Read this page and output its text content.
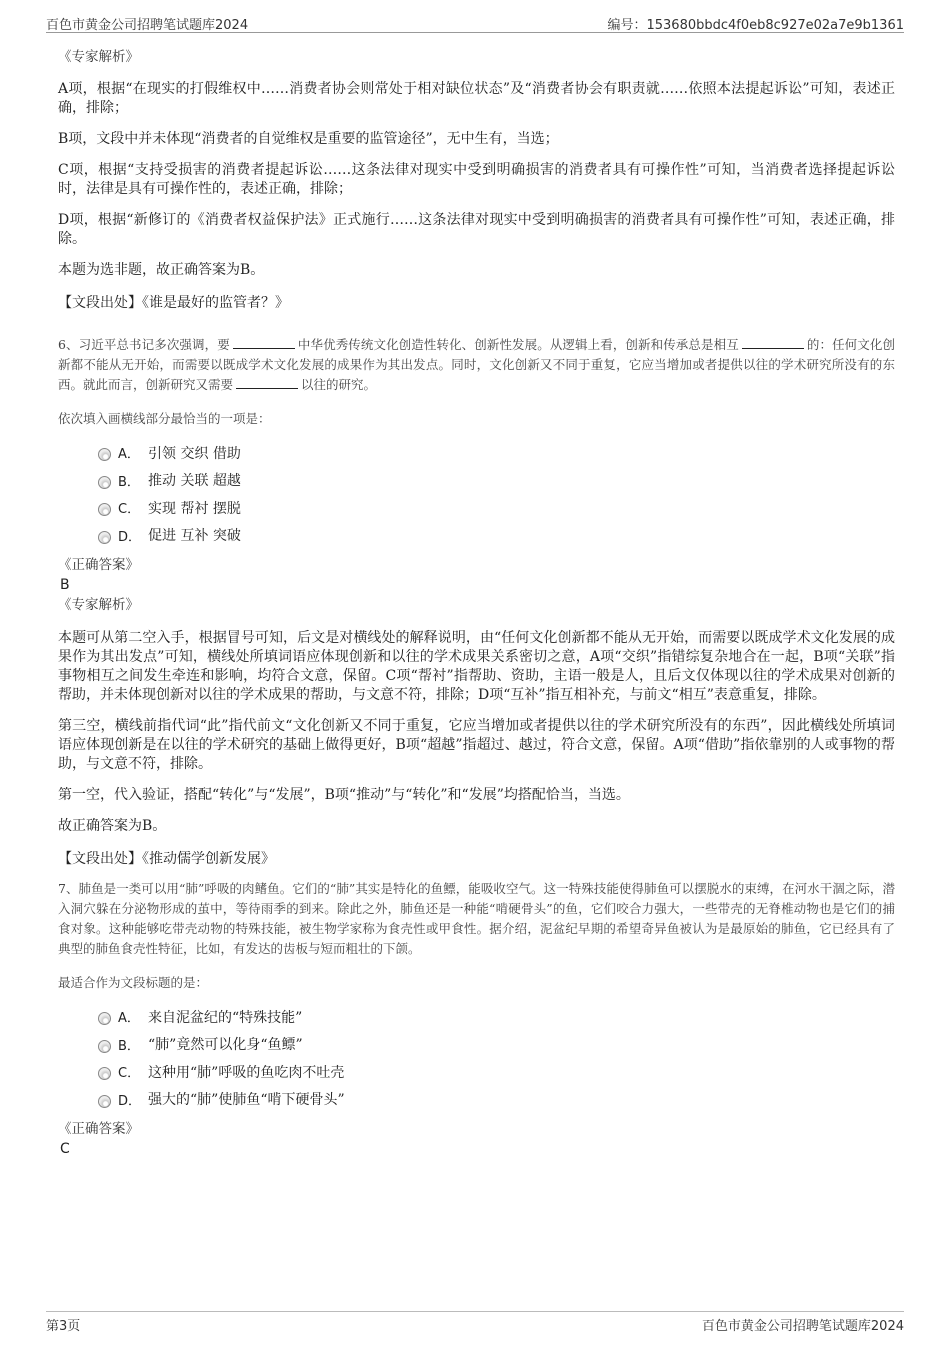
百色市黄金公司招聘笔试题库2024	编号：153680bbdc4f0eb8c927e02a7e9b1361

《专家解析》

A项，根据“在现实的打假维权中……消费者协会则常处于相对缺位状态”及“消费者协会有职责就……依照本法提起诉讼”可知，表述正确，排除；

B项，文段中并未体现“消费者的自觉维权是重要的监管途径”，无中生有，当选；

C项，根据“支持受损害的消费者提起诉讼……这条法律对现实中受到明确损害的消费者具有可操作性”可知，当消费者选择提起诉讼时，法律是具有可操作性的，表述正确，排除；

D项，根据“新修订的《消费者权益保护法》正式施行……这条法律对现实中受到明确损害的消费者具有可操作性”可知，表述正确，排除。

本题为选非题，故正确答案为B。

【文段出处】《谁是最好的监管者？》

6、习近平总书记多次强调，要	中华优秀传统文化创造性转化、创新性发展。从逻辑上看，创新和传承总是相互	的：任何文化创新都不能从无开始，而需要以既成学术文化发展的成果作为其出发点。同时，文化创新又不同于重复，它应当增加或者提供以往的学术研究所没有的东西。就此而言，创新研究又需要	以往的研究。

依次填入画横线部分最恰当的一项是：

A． 引领 交织 借助
B． 推动 关联 超越
C． 实现 帮衬 摆脱
D． 促进 互补 突破

《正确答案》

B

《专家解析》

本题可从第二空入手，根据冒号可知，后文是对横线处的解释说明，由“任何文化创新都不能从无开始，而需要以既成学术文化发展的成果作为其出发点”可知，横线处所填词语应体现创新和以往的学术成果关系密切之意，A项“交织”指错综复杂地合在一起，B项“关联”指事物相互之间发生牵连和影响，均符合文意，保留。C项“帮衬”指帮助、资助，主语一般是人，且后文仅体现以往的学术成果对创新的帮助，并未体现创新对以往的学术成果的帮助，与文意不符，排除；D项“互补”指互相补充，与前文“相互”表意重复，排除。

第三空，横线前指代词“此”指代前文“文化创新又不同于重复，它应当增加或者提供以往的学术研究所没有的东西”，因此横线处所填词语应体现创新是在以往的学术研究的基础上做得更好，B项“超越”指超过、越过，符合文意，保留。A项“借助”指依靠别的人或事物的帮助，与文意不符，排除。

第一空，代入验证，搭配“转化”与“发展”，B项“推动”与“转化”和“发展”均搭配恰当，当选。

故正确答案为B。

【文段出处】《推动儒学创新发展》

7、肺鱼是一类可以用“肺”呼吸的肉鳍鱼。它们的“肺”其实是特化的鱼鳔，能吸收空气。这一特殊技能使得肺鱼可以摆脱水的束缚，在河水干涸之际，潜入洞穴躲在分泌物形成的茧中，等待雨季的到来。除此之外，肺鱼还是一种能“啃硬骨头”的鱼，它们咬合力强大，一些带壳的无脊椎动物也是它们的捕食对象。这种能够吃带壳动物的特殊技能，被生物学家称为食壳性或甲食性。据介绍，泥盆纪早期的希望奇异鱼被认为是最原始的肺鱼，它已经具有了典型的肺鱼食壳性特征，比如，有发达的齿板与短而粗壮的下颌。

最适合作为文段标题的是：

A． 来自泥盆纪的“特殊技能”
B． “肺”竟然可以化身“鱼鳔”
C． 这种用“肺”呼吸的鱼吃肉不吐壳
D． 强大的“肺”使肺鱼“啃下硬骨头”

《正确答案》

C

第3页	百色市黄金公司招聘笔试题库2024
